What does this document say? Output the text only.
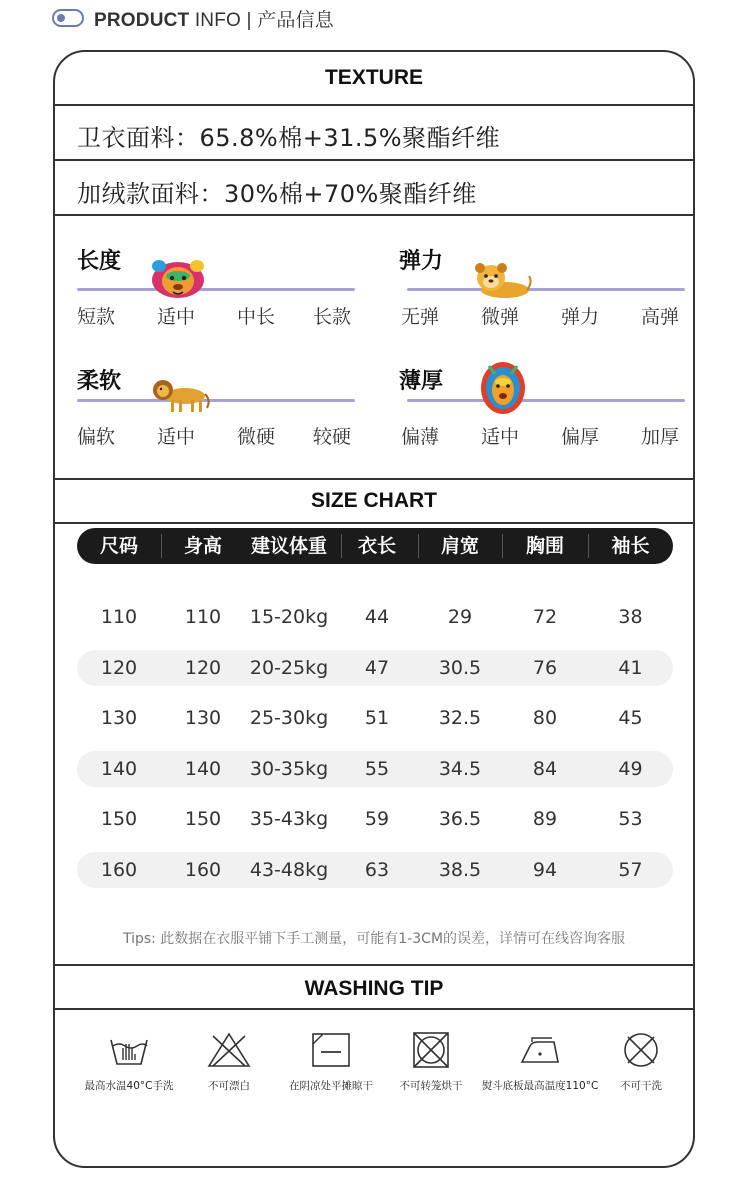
PRODUCT INFO | 产品信息
TEXTURE
卫衣面料：65.8%棉+31.5%聚酯纤维
加绒款面料：30%棉+70%聚酯纤维
长度
短款 适中 中长 长款
弹力
无弹 微弹 弹力 高弹
柔软
偏软 适中 微硬 较硬
薄厚
偏薄 适中 偏厚 加厚
SIZE CHART
尺码	身高	建议体重	衣长	肩宽	胸围	袖长
110	110	15-20kg	44	29	72	38
120	120	20-25kg	47	30.5	76	41
130	130	25-30kg	51	32.5	80	45
140	140	30-35kg	55	34.5	84	49
150	150	35-43kg	59	36.5	89	53
160	160	43-48kg	63	38.5	94	57
Tips: 此数据在衣服平铺下手工测量，可能有1-3CM的误差，详情可在线咨询客服
WASHING TIP
最高水温40°C手洗	不可漂白	在阴凉处平摊晾干	不可转笼烘干	熨斗底板最高温度110°C	不可干洗
